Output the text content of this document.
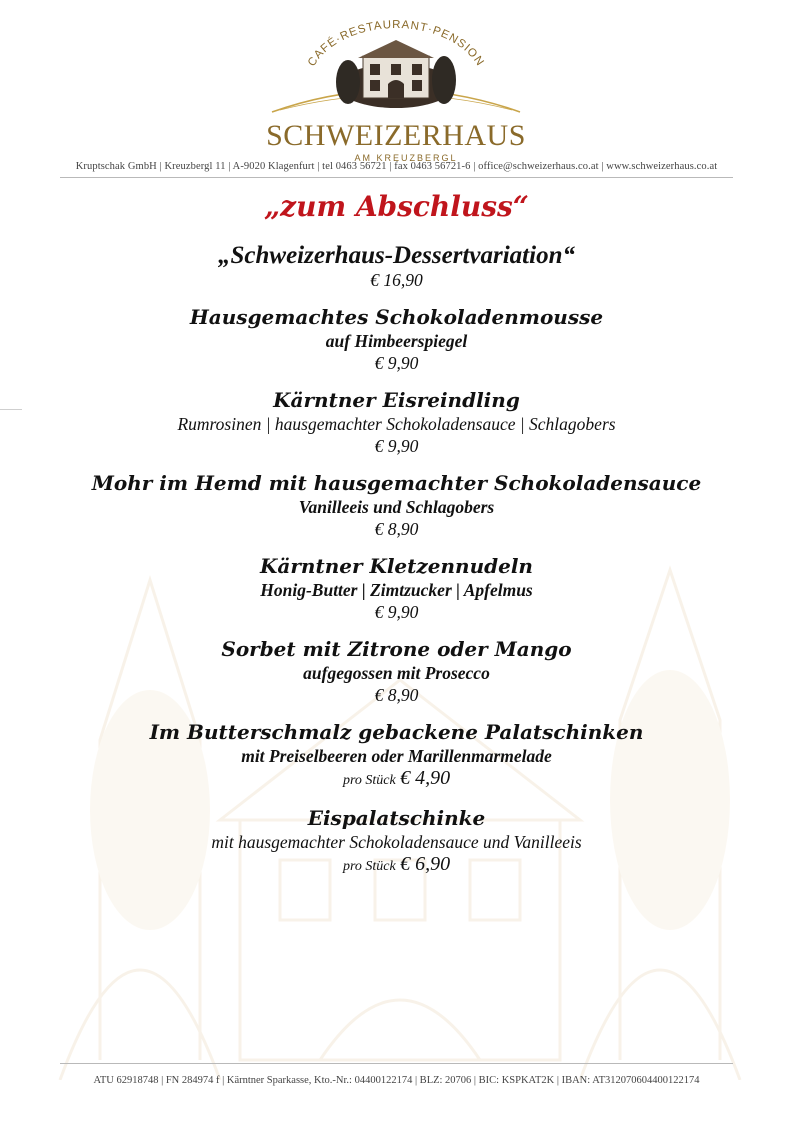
CAFÉ·RESTAURANT·PENSION
SCHWEIZERHAUS
AM KREUZBERGL
Kruptschak GmbH | Kreuzbergl 11 | A-9020 Klagenfurt | tel 0463 56721 | fax 0463 56721-6 | office@schweizerhaus.co.at | www.schweizerhaus.co.at
„zum Abschluss“
„Schweizerhaus-Dessertvariation“
€ 16,90
Hausgemachtes Schokoladenmousse
auf Himbeerspiegel
€ 9,90
Kärntner Eisreindling
Rumrosinen | hausgemachter Schokoladensauce | Schlagobers
€ 9,90
Mohr im Hemd mit hausgemachter Schokoladensauce
Vanilleeis und Schlagobers
€ 8,90
Kärntner Kletzennudeln
Honig-Butter | Zimtzucker | Apfelmus
€ 9,90
Sorbet mit Zitrone oder Mango
aufgegossen mit Prosecco
€ 8,90
Im Butterschmalz gebackene Palatschinken
mit Preiselbeeren oder Marillenmarmelade
pro Stück € 4,90
Eispalatschinke
mit hausgemachter Schokoladensauce und Vanilleeis
pro Stück € 6,90
ATU 62918748 | FN 284974 f | Kärntner Sparkasse, Kto.-Nr.: 04400122174 | BLZ: 20706 | BIC: KSPKAT2K | IBAN: AT312070604400122174
